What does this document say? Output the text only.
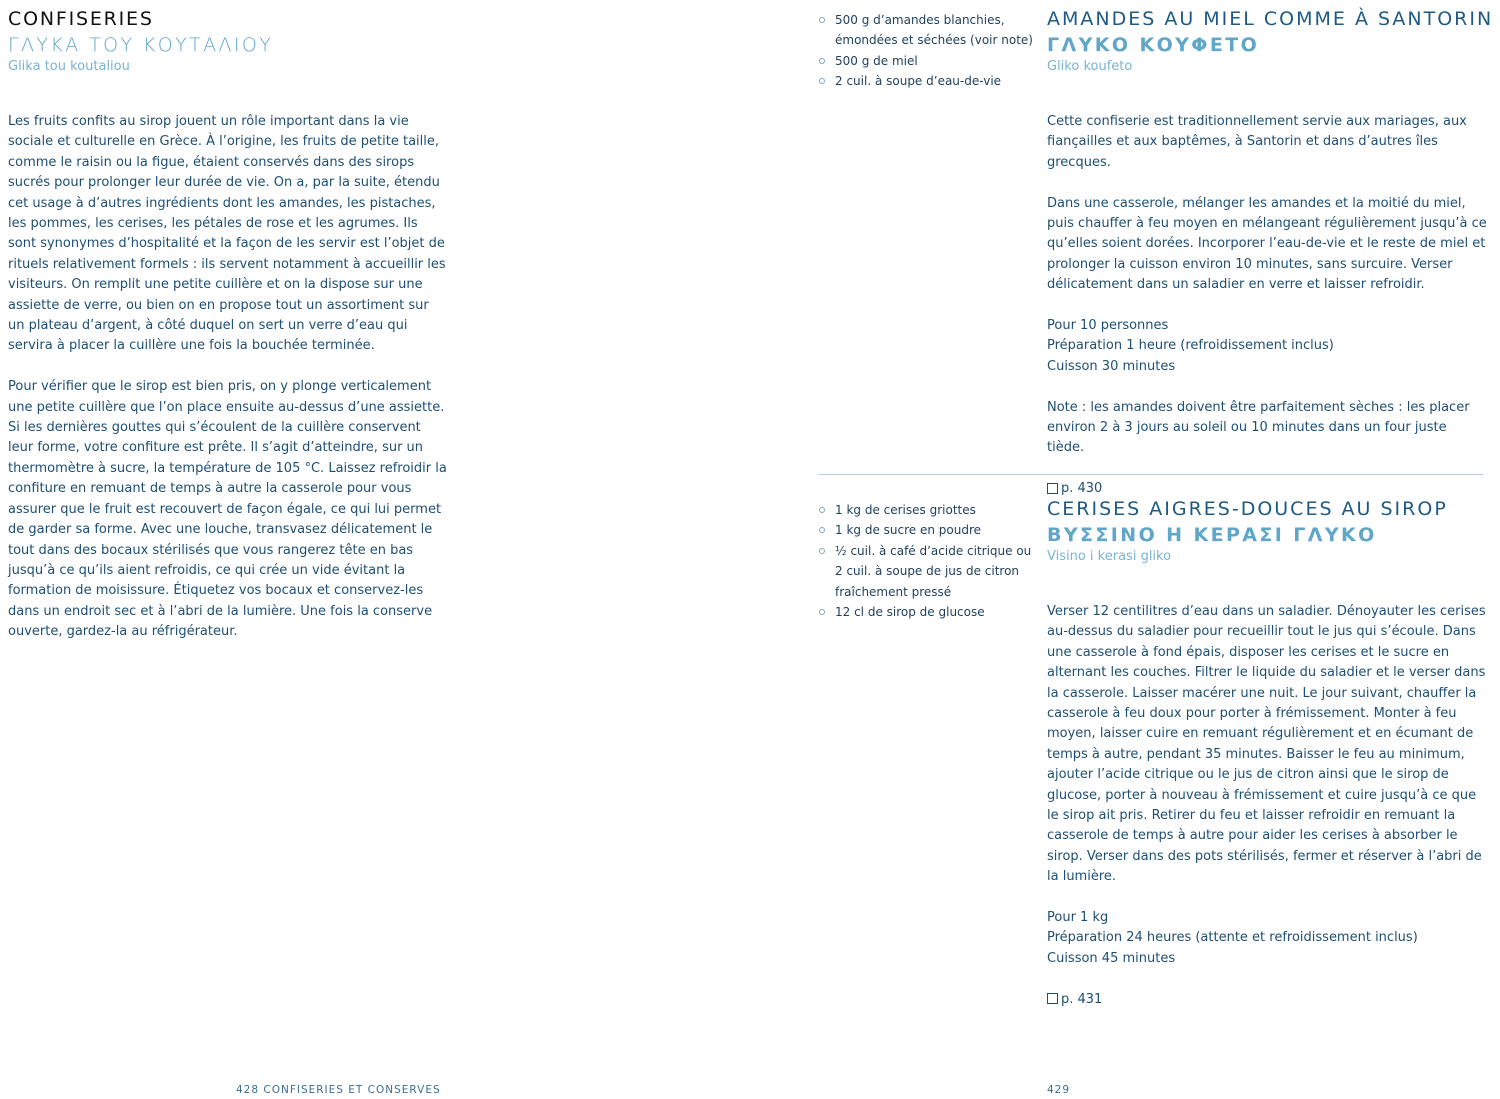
CONFISERIES
ΓΛΥΚΑ ΤΟΥ ΚΟΥΤΑΛΙΟΥ

Glika tou koutaliou

Les fruits confits au sirop jouent un rôle important dans la vie sociale et culturelle en Grèce. À l’origine, les fruits de petite taille, comme le raisin ou la figue, étaient conservés dans des sirops sucrés pour prolonger leur durée de vie. On a, par la suite, étendu cet usage à d’autres ingrédients dont les amandes, les pistaches, les pommes, les cerises, les pétales de rose et les agrumes. Ils sont synonymes d’hospitalité et la façon de les servir est l’objet de rituels relativement formels : ils servent notamment à accueillir les visiteurs. On remplit une petite cuillère et on la dispose sur une assiette de verre, ou bien on en propose tout un assortiment sur un plateau d’argent, à côté duquel on sert un verre d’eau qui servira à placer la cuillère une fois la bouchée terminée.

Pour vérifier que le sirop est bien pris, on y plonge verticalement une petite cuillère que l’on place ensuite au-dessus d’une assiette. Si les dernières gouttes qui s’écoulent de la cuillère conservent leur forme, votre confiture est prête. Il s’agit d’atteindre, sur un thermomètre à sucre, la température de 105 °C. Laissez refroidir la confiture en remuant de temps à autre la casserole pour vous assurer que le fruit est recouvert de façon égale, ce qui lui permet de garder sa forme. Avec une louche, transvasez délicatement le tout dans des bocaux stérilisés que vous rangerez tête en bas jusqu’à ce qu’ils aient refroidis, ce qui crée un vide évitant la formation de moisissure. Étiquetez vos bocaux et conservez-les dans un endroit sec et à l’abri de la lumière. Une fois la conserve ouverte, gardez-la au réfrigérateur.

428 CONFISERIES ET CONSERVES

500 g d’amandes blanchies, émondées et séchées (voir note)
500 g de miel
2 cuil. à soupe d’eau-de-vie
AMANDES AU MIEL COMME À SANTORIN
ΓΛΥΚΟ ΚΟΥΦΕΤΟ

Gliko koufeto

Cette confiserie est traditionnellement servie aux mariages, aux fiançailles et aux baptêmes, à Santorin et dans d’autres îles grecques.

Dans une casserole, mélanger les amandes et la moitié du miel, puis chauffer à feu moyen en mélangeant régulièrement jusqu’à ce qu’elles soient dorées. Incorporer l’eau-de-vie et le reste de miel et prolonger la cuisson environ 10 minutes, sans surcuire. Verser délicatement dans un saladier en verre et laisser refroidir.

Pour 10 personnes
Préparation 1 heure (refroidissement inclus)
Cuisson 30 minutes

Note : les amandes doivent être parfaitement sèches : les placer environ 2 à 3 jours au soleil ou 10 minutes dans un four juste tiède.

p. 430

1 kg de cerises griottes
1 kg de sucre en poudre
½ cuil. à café d’acide citrique ou 2 cuil. à soupe de jus de citron fraîchement pressé
12 cl de sirop de glucose
CERISES AIGRES-DOUCES AU SIROP
ΒΥΣΣΙΝΟ Η ΚΕΡΑΣΙ ΓΛΥΚΟ

Visino i kerasi gliko

Verser 12 centilitres d’eau dans un saladier. Dénoyauter les cerises au-dessus du saladier pour recueillir tout le jus qui s’écoule. Dans une casserole à fond épais, disposer les cerises et le sucre en alternant les couches. Filtrer le liquide du saladier et le verser dans la casserole. Laisser macérer une nuit. Le jour suivant, chauffer la casserole à feu doux pour porter à frémissement. Monter à feu moyen, laisser cuire en remuant régulièrement et en écumant de temps à autre, pendant 35 minutes. Baisser le feu au minimum, ajouter l’acide citrique ou le jus de citron ainsi que le sirop de glucose, porter à nouveau à frémissement et cuire jusqu’à ce que le sirop ait pris. Retirer du feu et laisser refroidir en remuant la casserole de temps à autre pour aider les cerises à absorber le sirop. Verser dans des pots stérilisés, fermer et réserver à l’abri de la lumière.

Pour 1 kg
Préparation 24 heures (attente et refroidissement inclus)
Cuisson 45 minutes

p. 431

429
